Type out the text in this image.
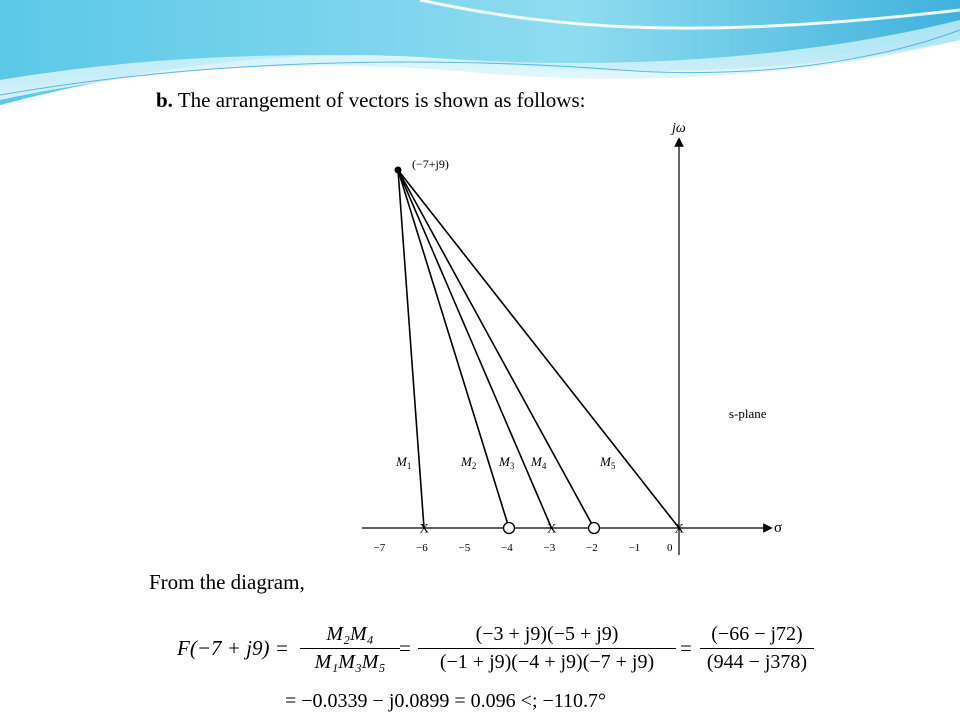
b. The arrangement of vectors is shown as follows:
X	X	X
−7	−6	−5	−4	−3	−2	−1 0
$M_1$	$M_2$ $M_3$ $M_4$	$M_5$
(−7+j9)
jω
σ
s-plane
From the diagram,
$F(-7 + j9) = \frac{\text{M₂M₄}}{\text{M₁M₃M₅}} = \frac{(-3 + j9)(-5 + j9)}{(-1 + j9)(-4 + j9)(-7 + j9)} = \frac{(-66 - j72)}{(944 - j378)}$
= −0.0339 − j0.0899 = 0.096 <; −110.7°
